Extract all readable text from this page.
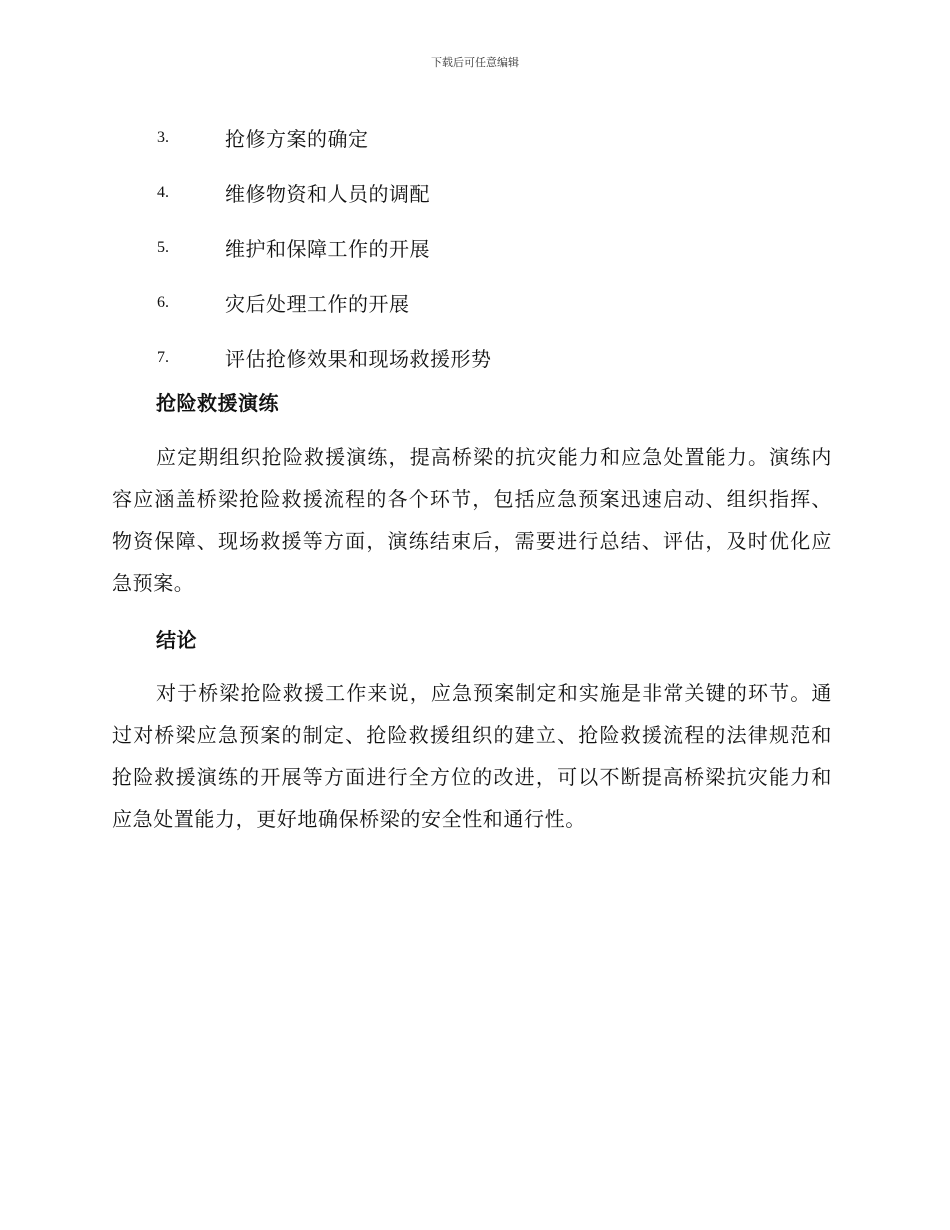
下载后可任意编辑
3.	抢修方案的确定
4.	维修物资和人员的调配
5.	维护和保障工作的开展
6.	灾后处理工作的开展
7.	评估抢修效果和现场救援形势
抢险救援演练
应定期组织抢险救援演练，提高桥梁的抗灾能力和应急处置能力。演练内容应涵盖桥梁抢险救援流程的各个环节，包括应急预案迅速启动、组织指挥、物资保障、现场救援等方面，演练结束后，需要进行总结、评估，及时优化应急预案。
结论
对于桥梁抢险救援工作来说，应急预案制定和实施是非常关键的环节。通过对桥梁应急预案的制定、抢险救援组织的建立、抢险救援流程的法律规范和抢险救援演练的开展等方面进行全方位的改进，可以不断提高桥梁抗灾能力和应急处置能力，更好地确保桥梁的安全性和通行性。
